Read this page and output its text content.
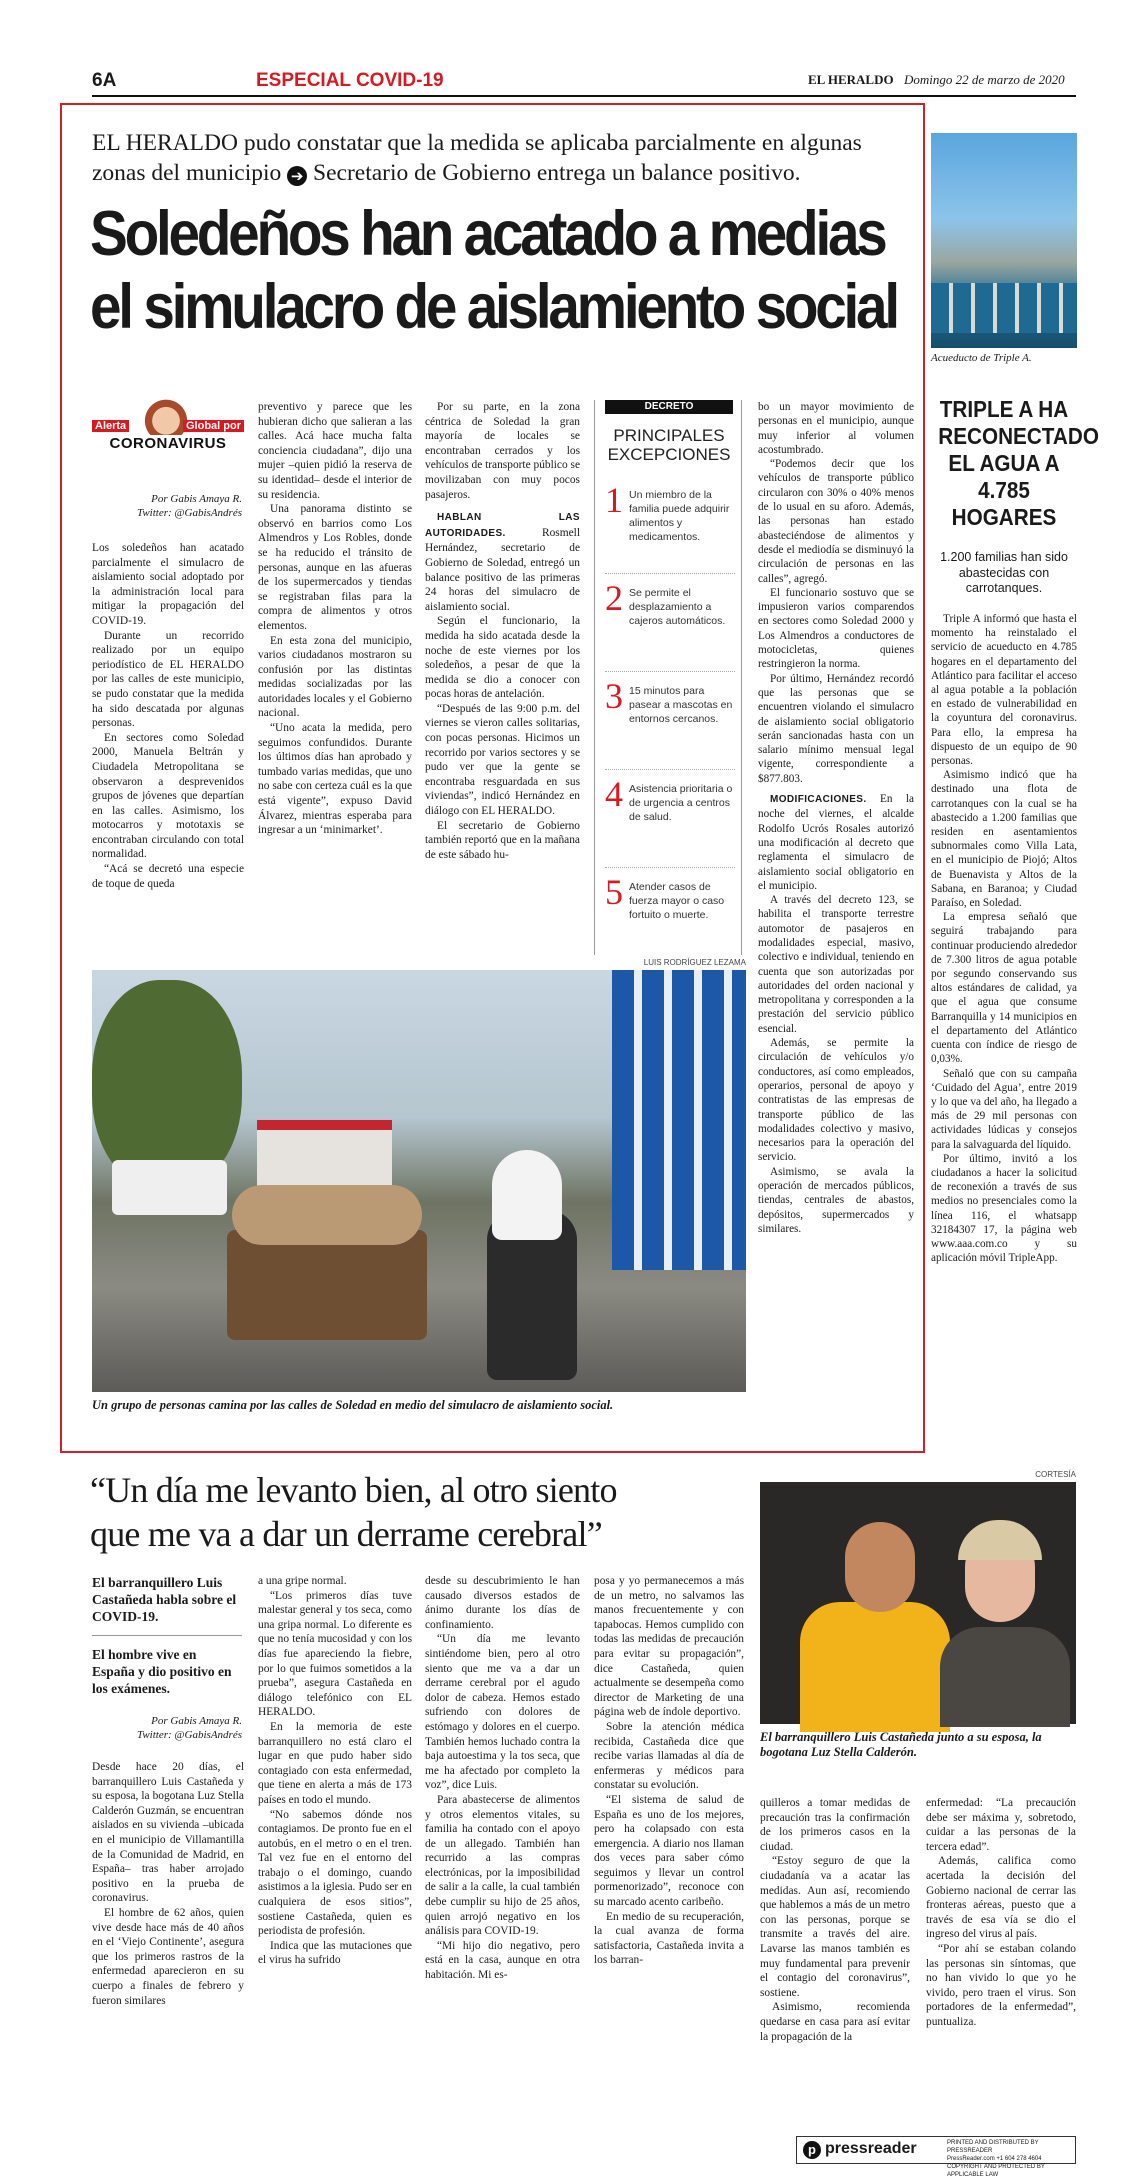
6A	ESPECIAL COVID-19	EL HERALDO Domingo 22 de marzo de 2020
EL HERALDO pudo constatar que la medida se aplicaba parcialmente en algunas
zonas del municipio ➔ Secretario de Gobierno entrega un balance positivo.
Soledeños han acatado a medias
el simulacro de aislamiento social
Alerta	Global por
CORONAVIRUS
Por Gabis Amaya R.
Twitter: @GabisAndrés

Los soledeños han acatado parcialmente el simulacro de aislamiento social adoptado por la administración local para mitigar la propagación del COVID-19.

Durante un recorrido realizado por un equipo periodístico de EL HERALDO por las calles de este municipio, se pudo constatar que la medida ha sido descatada por algunas personas.

En sectores como Soledad 2000, Manuela Beltrán y Ciudadela Metropolitana se observaron a desprevenidos grupos de jóvenes que departían en las calles. Asimismo, los motocarros y mototaxis se encontraban circulando con total normalidad.

“Acá se decretó una especie de toque de queda

preventivo y parece que les hubieran dicho que salieran a las calles. Acá hace mucha falta conciencia ciudadana”, dijo una mujer –quien pidió la reserva de su identidad– desde el interior de su residencia.

Una panorama distinto se observó en barrios como Los Almendros y Los Robles, donde se ha reducido el tránsito de personas, aunque en las afueras de los supermercados y tiendas se registraban filas para la compra de alimentos y otros elementos.

En esta zona del municipio, varios ciudadanos mostraron su confusión por las distintas medidas socializadas por las autoridades locales y el Gobierno nacional.

“Uno acata la medida, pero seguimos confundidos. Durante los últimos días han aprobado y tumbado varias medidas, que uno no sabe con certeza cuál es la que está vigente”, expuso David Álvarez, mientras esperaba para ingresar a un ‘minimarket’.

Por su parte, en la zona céntrica de Soledad la gran mayoría de locales se encontraban cerrados y los vehículos de transporte público se movilizaban con muy pocos pasajeros.

HABLAN LAS AUTORIDADES.	Rosmell Hernández, secretario de Gobierno de Soledad, entregó un balance positivo de las primeras 24 horas del simulacro de aislamiento social.

Según el funcionario, la medida ha sido acatada desde la noche de este viernes por los soledeños, a pesar de que la medida se dio a conocer con pocas horas de antelación.

“Después de las 9:00 p.m. del viernes se vieron calles solitarias, con pocas personas. Hicimos un recorrido por varios sectores y se pudo ver que la gente se encontraba resguardada en sus viviendas”, indicó Hernández en diálogo con EL HERALDO.

El secretario de Gobierno también reportó que en la mañana de este sábado hu-

DECRETO
PRINCIPALES
EXCEPCIONES
1 Un miembro de la familia puede adquirir alimentos y medicamentos.
2 Se permite el desplazamiento a cajeros automáticos.
3 15 minutos para pasear a mascotas en entornos cercanos.
4 Asistencia prioritaria o de urgencia a centros de salud.
5 Atender casos de fuerza mayor o caso fortuito o muerte.

bo un mayor movimiento de personas en el municipio, aunque muy inferior al volumen acostumbrado.

“Podemos decir que los vehículos de transporte público circularon con 30% o 40% menos de lo usual en su aforo. Además, las personas han estado abasteciéndose de alimentos y desde el mediodía se disminuyó la circulación de personas en las calles”, agregó.

El funcionario sostuvo que se impusieron varios comparendos en sectores como Soledad 2000 y Los Almendros a conductores de motocicletas, quienes restringieron la norma.

Por último, Hernández recordó que las personas que se encuentren violando el simulacro de aislamiento social obligatorio serán sancionadas hasta con un salario mínimo mensual legal vigente, correspondiente a $877.803.

MODIFICACIONES. En la noche del viernes, el alcalde Rodolfo Ucrós Rosales autorizó una modificación al decreto que reglamenta el simulacro de aislamiento social obligatorio en el municipio.

A través del decreto 123, se habilita el transporte terrestre automotor de pasajeros en modalidades especial, masivo, colectivo e individual, teniendo en cuenta que son autorizadas por autoridades del orden nacional y metropolitana y corresponden a la prestación del servicio público esencial.

Además, se permite la circulación de vehículos y/o conductores, así como empleados, operarios, personal de apoyo y contratistas de las empresas de transporte público de las modalidades colectivo y masivo, necesarios para la operación del servicio.

Asimismo, se avala la operación de mercados públicos, tiendas, centrales de abastos, depósitos, supermercados y similares.

LUIS RODRÍGUEZ LEZAMA
Un grupo de personas camina por las calles de Soledad en medio del simulacro de aislamiento social.
Acueducto de Triple A.
TRIPLE A HA
RECONECTADO
EL AGUA A
4.785 HOGARES
1.200 familias han sido abastecidas con carrotanques.

Triple A informó que hasta el momento ha reinstalado el servicio de acueducto en 4.785 hogares en el departamento del Atlántico para facilitar el acceso al agua potable a la población en estado de vulnerabilidad en la coyuntura del coronavirus. Para ello, la empresa ha dispuesto de un equipo de 90 personas.

Asimismo indicó que ha destinado una flota de carrotanques con la cual se ha abastecido a 1.200 familias que residen en asentamientos subnormales como Villa Lata, en el municipio de Piojó; Altos de Buenavista y Altos de la Sabana, en Baranoa; y Ciudad Paraíso, en Soledad.

La empresa señaló que seguirá trabajando para continuar produciendo alrededor de 7.300 litros de agua potable por segundo conservando sus altos estándares de calidad, ya que el agua que consume Barranquilla y 14 municipios en el departamento del Atlántico cuenta con índice de riesgo de 0,03%.

Señaló que con su campaña ‘Cuidado del Agua’, entre 2019 y lo que va del año, ha llegado a más de 29 mil personas con actividades lúdicas y consejos para la salvaguarda del líquido.

Por último, invitó a los ciudadanos a hacer la solicitud de reconexión a través de sus medios no presenciales como la línea 116, el whatsapp 32184307 17, la página web www.aaa.com.co y su aplicación móvil TripleApp.

“Un día me levanto bien, al otro siento
que me va a dar un derrame cerebral”
El barranquillero Luis Castañeda habla sobre el COVID-19.
El hombre vive en España y dio positivo en los exámenes.
Por Gabis Amaya R.
Twitter: @GabisAndrés

Desde hace 20 días, el barranquillero Luis Castañeda y su esposa, la bogotana Luz Stella Calderón Guzmán, se encuentran aislados en su vivienda –ubicada en el municipio de Villamantilla de la Comunidad de Madrid, en España– tras haber arrojado positivo en la prueba de coronavirus.

El hombre de 62 años, quien vive desde hace más de 40 años en el ‘Viejo Continente’, asegura que los primeros rastros de la enfermedad aparecieron en su cuerpo a finales de febrero y fueron similares

a una gripe normal.

“Los primeros días tuve malestar general y tos seca, como una gripa normal. Lo diferente es que no tenía mucosidad y con los días fue apareciendo la fiebre, por lo que fuimos sometidos a la prueba”, asegura Castañeda en diálogo telefónico con EL HERALDO.

En la memoria de este barranquillero no está claro el lugar en que pudo haber sido contagiado con esta enfermedad, que tiene en alerta a más de 173 países en todo el mundo.

“No sabemos dónde nos contagiamos. De pronto fue en el autobús, en el metro o en el tren. Tal vez fue en el entorno del trabajo o el domingo, cuando asistimos a la iglesia. Pudo ser en cualquiera de esos sitios”, sostiene Castañeda, quien es periodista de profesión.

Indica que las mutaciones que el virus ha sufrido

desde su descubrimiento le han causado diversos estados de ánimo durante los días de confinamiento.

“Un día me levanto sintiéndome bien, pero al otro siento que me va a dar un derrame cerebral por el agudo dolor de cabeza. Hemos estado sufriendo con dolores de estómago y dolores en el cuerpo. También hemos luchado contra la baja autoestima y la tos seca, que me ha afectado por completo la voz”, dice Luis.

Para abastecerse de alimentos y otros elementos vitales, su familia ha contado con el apoyo de un allegado. También han recurrido a las compras electrónicas, por la imposibilidad de salir a la calle, la cual también debe cumplir su hijo de 25 años, quien arrojó negativo en los análisis para COVID-19.

“Mi hijo dio negativo, pero está en la casa, aunque en otra habitación. Mi es-

posa y yo permanecemos a más de un metro, no salvamos las manos frecuentemente y con tapabocas. Hemos cumplido con todas las medidas de precaución para evitar su propagación”, dice Castañeda, quien actualmente se desempeña como director de Marketing de una página web de índole deportivo.

Sobre la atención médica recibida, Castañeda dice que recibe varias llamadas al día de enfermeras y médicos para constatar su evolución.

“El sistema de salud de España es uno de los mejores, pero ha colapsado con esta emergencia. A diario nos llaman dos veces para saber cómo seguimos y llevar un control pormenorizado”, reconoce con su marcado acento caribeño.

En medio de su recuperación, la cual avanza de forma satisfactoria, Castañeda invita a los barran-

CORTESÍA
El barranquillero Luis Castañeda junto a su esposa, la bogotana Luz Stella Calderón.

quilleros a tomar medidas de precaución tras la confirmación de los primeros casos en la ciudad.

“Estoy seguro de que la ciudadanía va a acatar las medidas. Aun así, recomiendo que hablemos a más de un metro con las personas, porque se transmite a través del aire. Lavarse las manos también es muy fundamental para prevenir el contagio del coronavirus”, sostiene.

Asimismo, recomienda quedarse en casa para así evitar la propagación de la

enfermedad: “La precaución debe ser máxima y, sobretodo, cuidar a las personas de la tercera edad”.

Además, califica como acertada la decisión del Gobierno nacional de cerrar las fronteras aéreas, puesto que a través de esa vía se dio el ingreso del virus al país.

“Por ahí se estaban colando las personas sin síntomas, que no han vivido lo que yo he vivido, pero traen el virus. Son portadores de la enfermedad”, puntualiza.

p pressreader	PRINTED AND DISTRIBUTED BY PRESSREADER
PressReader.com +1 604 278 4604
COPYRIGHT AND PROTECTED BY APPLICABLE LAW
